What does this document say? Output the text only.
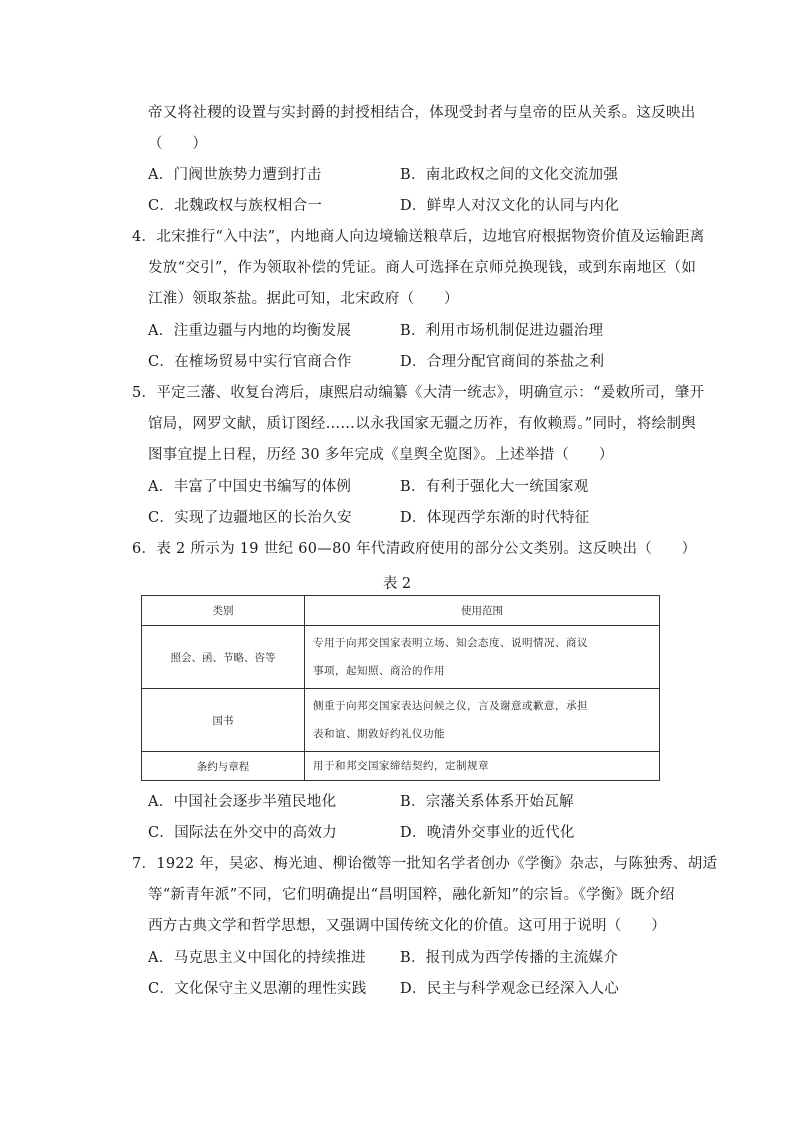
帝又将社稷的设置与实封爵的封授相结合，体现受封者与皇帝的臣从关系。这反映出
（　　）
A．门阀世族势力遭到打击	B．南北政权之间的文化交流加强
C．北魏政权与族权相合一	D．鲜卑人对汉文化的认同与内化
4．北宋推行“入中法”，内地商人向边境输送粮草后，边地官府根据物资价值及运输距离
发放“交引”，作为领取补偿的凭证。商人可选择在京师兑换现钱，或到东南地区（如
江淮）领取茶盐。据此可知，北宋政府（　　）
A．注重边疆与内地的均衡发展	B．利用市场机制促进边疆治理
C．在榷场贸易中实行官商合作	D．合理分配官商间的茶盐之利
5．平定三藩、收复台湾后，康熙启动编纂《大清一统志》，明确宣示：“爰敕所司，肇开
馆局，网罗文献，质订图经……以永我国家无疆之历祚，有攸赖焉。”同时，将绘制舆
图事宜提上日程，历经 30 多年完成《皇舆全览图》。上述举措（　　）
A．丰富了中国史书编写的体例	B．有利于强化大一统国家观
C．实现了边疆地区的长治久安	D．体现西学东渐的时代特征
6．表 2 所示为 19 世纪 60—80 年代清政府使用的部分公文类别。这反映出（　　）
表 2
类别	使用范围
照会、函、节略、咨等	专用于向邦交国家表明立场、知会态度、说明情况、商议
事项，起知照、商洽的作用

国书	侧重于向邦交国家表达问候之仪，言及谢意或歉意，承担
表和谊、期敦好约礼仪功能

条约与章程	用于和邦交国家缔结契约，定制规章
A．中国社会逐步半殖民地化	B．宗藩关系体系开始瓦解
C．国际法在外交中的高效力	D．晚清外交事业的近代化
7．1922 年，吴宓、梅光迪、柳诒徵等一批知名学者创办《学衡》杂志，与陈独秀、胡适
等“新青年派”不同，它们明确提出“昌明国粹，融化新知”的宗旨。《学衡》既介绍
西方古典文学和哲学思想，又强调中国传统文化的价值。这可用于说明（　　）
A．马克思主义中国化的持续推进 B．报刊成为西学传播的主流媒介
C．文化保守主义思潮的理性实践 D．民主与科学观念已经深入人心
